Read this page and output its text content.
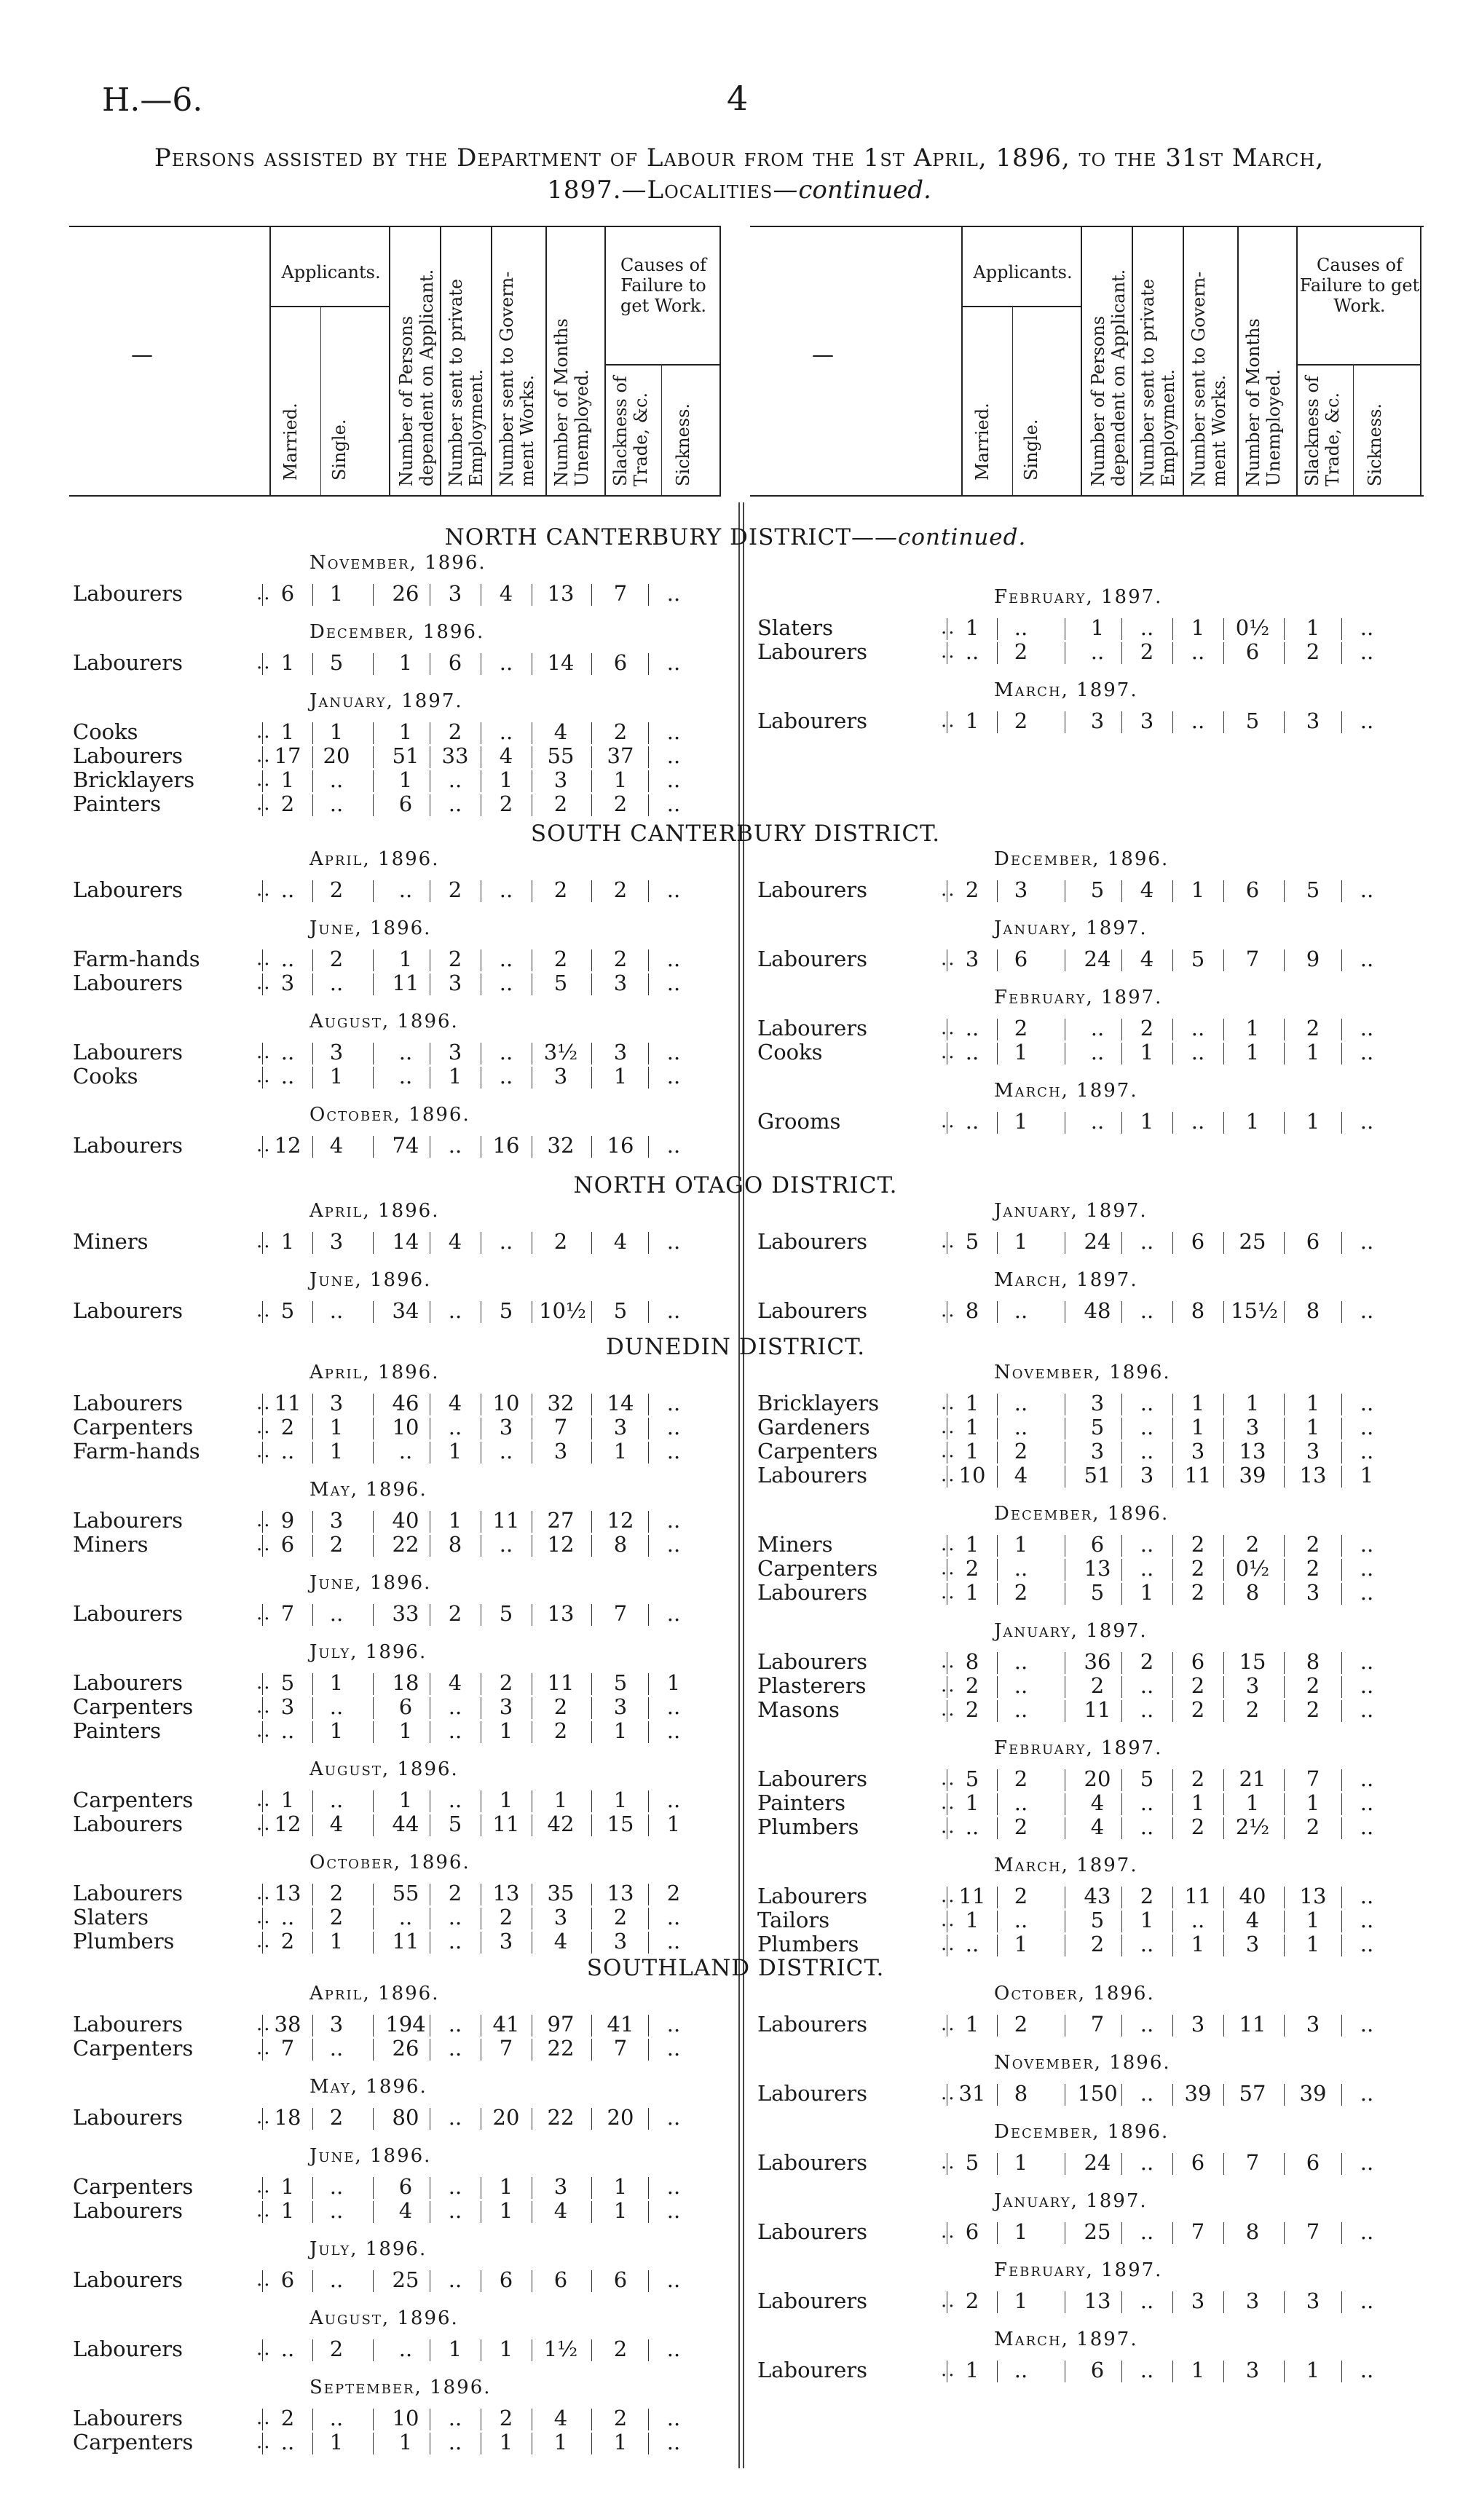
H.—6.	4
Persons assisted by the Department of Labour from the 1st April, 1896, to the 31st March,
1897.—Localities—continued.
—
Applicants.	Causes of Failure to get Work.
Married. Single.	Number of Persons dependent on Applicant. Number sent to private Employment. Number sent to Govern- ment Works. Number of Months Unemployed. Slackness of Trade, &c. Sickness.
—
Applicants.	Causes of Failure to get Work.
Married. Single.	Number of Persons dependent on Applicant. Number sent to private Employment. Number sent to Govern- ment Works. Number of Months Unemployed. Slackness of Trade, &c. Sickness.
NORTH CANTERBURY DISTRICT——continued.
November, 1896.
Labourers	.. 6	1	26	3	4	13	7	..
December, 1896.
Labourers	.. 1	5	1	6	..	14	6	..
January, 1897.
Cooks	.. 1	1	1	2	..	4	2	..
Labourers	.. 17	20	51	33	4	55	37	..
Bricklayers	.. 1	..	1	..	1	3	1	..
Painters	.. 2	..	6	..	2	2	2	..
February, 1897.
Slaters	.. 1	..	1	..	1	0½	1	..
Labourers	.. ..	2	..	2	..	6	2	..
March, 1897.
Labourers	.. 1	2	3	3	..	5	3	..
SOUTH CANTERBURY DISTRICT.
April, 1896.
Labourers	.. ..	2	..	2	..	2	2	..
June, 1896.
Farm-hands	.. ..	2	1	2	..	2	2	..
Labourers	.. 3	..	11	3	..	5	3	..
August, 1896.
Labourers	.. ..	3	..	3	..	3½	3	..
Cooks	.. ..	1	..	1	..	3	1	..
October, 1896.
Labourers	.. 12	4	74	..	16	32	16	..
December, 1896.
Labourers	.. 2	3	5	4	1	6	5	..
January, 1897.
Labourers	.. 3	6	24	4	5	7	9	..
February, 1897.
Labourers	.. ..	2	..	2	..	1	2	..
Cooks	.. ..	1	..	1	..	1	1	..
March, 1897.
Grooms	.. ..	1	..	1	..	1	1	..
NORTH OTAGO DISTRICT.
April, 1896.
Miners	.. 1	3	14	4	..	2	4	..
June, 1896.
Labourers	.. 5	..	34	..	5	10½	5	..
January, 1897.
Labourers	.. 5	1	24	..	6	25	6	..
March, 1897.
Labourers	.. 8	..	48	..	8	15½	8	..
DUNEDIN DISTRICT.
April, 1896.
Labourers	.. 11	3	46	4	10	32	14	..
Carpenters	.. 2	1	10	..	3	7	3	..
Farm-hands	.. ..	1	..	1	..	3	1	..
May, 1896.
Labourers	.. 9	3	40	1	11	27	12	..
Miners	.. 6	2	22	8	..	12	8	..
June, 1896.
Labourers	.. 7	..	33	2	5	13	7	..
July, 1896.
Labourers	.. 5	1	18	4	2	11	5	1
Carpenters	.. 3	..	6	..	3	2	3	..
Painters	.. ..	1	1	..	1	2	1	..
August, 1896.
Carpenters	.. 1	..	1	..	1	1	1	..
Labourers	.. 12	4	44	5	11	42	15	1
October, 1896.
Labourers	.. 13	2	55	2	13	35	13	2
Slaters	.. ..	2	..	..	2	3	2	..
Plumbers	.. 2	1	11	..	3	4	3	..
November, 1896.
Bricklayers	.. 1	..	3	..	1	1	1	..
Gardeners	.. 1	..	5	..	1	3	1	..
Carpenters	.. 1	2	3	..	3	13	3	..
Labourers	.. 10	4	51	3	11	39	13	1
December, 1896.
Miners	.. 1	1	6	..	2	2	2	..
Carpenters	.. 2	..	13	..	2	0½	2	..
Labourers	.. 1	2	5	1	2	8	3	..
January, 1897.
Labourers	.. 8	..	36	2	6	15	8	..
Plasterers	.. 2	..	2	..	2	3	2	..
Masons	.. 2	..	11	..	2	2	2	..
February, 1897.
Labourers	.. 5	2	20	5	2	21	7	..
Painters	.. 1	..	4	..	1	1	1	..
Plumbers	.. ..	2	4	..	2	2½	2	..
March, 1897.
Labourers	.. 11	2	43	2	11	40	13	..
Tailors	.. 1	..	5	1	..	4	1	..
Plumbers	.. ..	1	2	..	1	3	1	..
SOUTHLAND DISTRICT.
April, 1896.
Labourers	.. 38	3	194	..	41	97	41	..
Carpenters	.. 7	..	26	..	7	22	7	..
May, 1896.
Labourers	.. 18	2	80	..	20	22	20	..
June, 1896.
Carpenters	.. 1	..	6	..	1	3	1	..
Labourers	.. 1	..	4	..	1	4	1	..
July, 1896.
Labourers	.. 6	..	25	..	6	6	6	..
August, 1896.
Labourers	.. ..	2	..	1	1	1½	2	..
September, 1896.
Labourers	.. 2	..	10	..	2	4	2	..
Carpenters	.. ..	1	1	..	1	1	1	..
October, 1896.
Labourers	.. 1	2	7	..	3	11	3	..
November, 1896.
Labourers	.. 31	8	150	..	39	57	39	..
December, 1896.
Labourers	.. 5	1	24	..	6	7	6	..
January, 1897.
Labourers	.. 6	1	25	..	7	8	7	..
February, 1897.
Labourers	.. 2	1	13	..	3	3	3	..
March, 1897.
Labourers	.. 1	..	6	..	1	3	1	..
